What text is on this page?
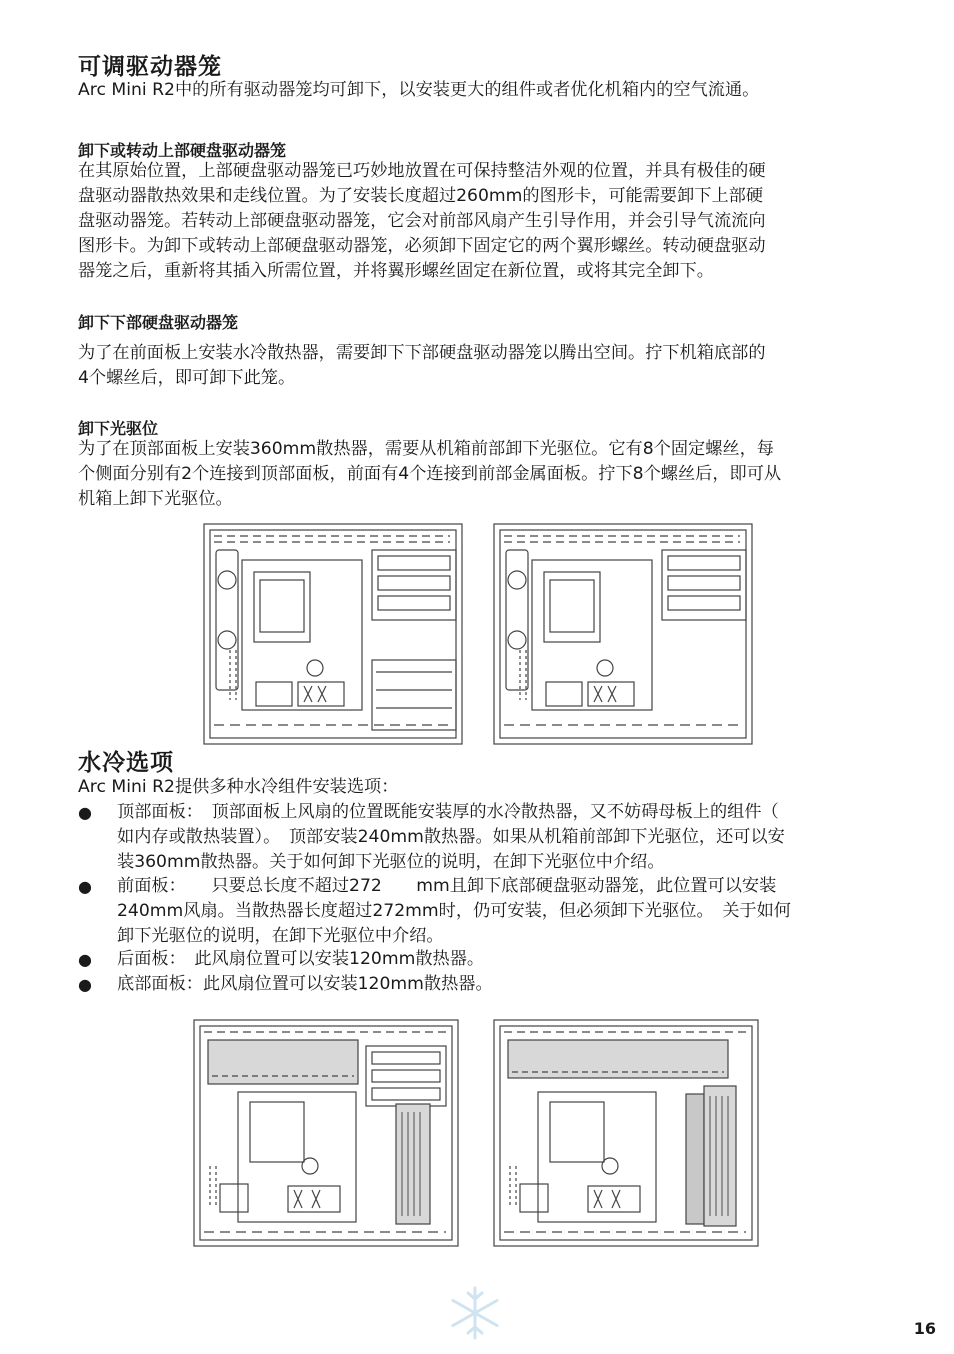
可调驱动器笼

Arc Mini R2中的所有驱动器笼均可卸下，以安装更大的组件或者优化机箱内的空气流通。

卸下或转动上部硬盘驱动器笼

在其原始位置，上部硬盘驱动器笼已巧妙地放置在可保持整洁外观的位置，并具有极佳的硬

盘驱动器散热效果和走线位置。为了安装长度超过260mm的图形卡，可能需要卸下上部硬

盘驱动器笼。若转动上部硬盘驱动器笼，它会对前部风扇产生引导作用，并会引导气流流向

图形卡。为卸下或转动上部硬盘驱动器笼，必须卸下固定它的两个翼形螺丝。转动硬盘驱动

器笼之后，重新将其插入所需位置，并将翼形螺丝固定在新位置，或将其完全卸下。

卸下下部硬盘驱动器笼

为了在前面板上安装水冷散热器，需要卸下下部硬盘驱动器笼以腾出空间。拧下机箱底部的

4个螺丝后，即可卸下此笼。

卸下光驱位

为了在顶部面板上安装360mm散热器，需要从机箱前部卸下光驱位。它有8个固定螺丝，每

个侧面分别有2个连接到顶部面板，前面有4个连接到前部金属面板。拧下8个螺丝后，即可从

机箱上卸下光驱位。

水冷选项

Arc Mini R2提供多种水冷组件安装选项：

● 顶部面板：　顶部面板上风扇的位置既能安装厚的水冷散热器，又不妨碍母板上的组件（
如内存或散热装置）。　顶部安装240mm散热器。如果从机箱前部卸下光驱位，还可以安
装360mm散热器。关于如何卸下光驱位的说明，在卸下光驱位中介绍。
● 前面板：　　只要总长度不超过272　　mm且卸下底部硬盘驱动器笼，此位置可以安装
240mm风扇。当散热器长度超过272mm时，仍可安装，但必须卸下光驱位。　关于如何
卸下光驱位的说明，在卸下光驱位中介绍。
● 后面板：　此风扇位置可以安装120mm散热器。
● 底部面板：此风扇位置可以安装120mm散热器。
16
